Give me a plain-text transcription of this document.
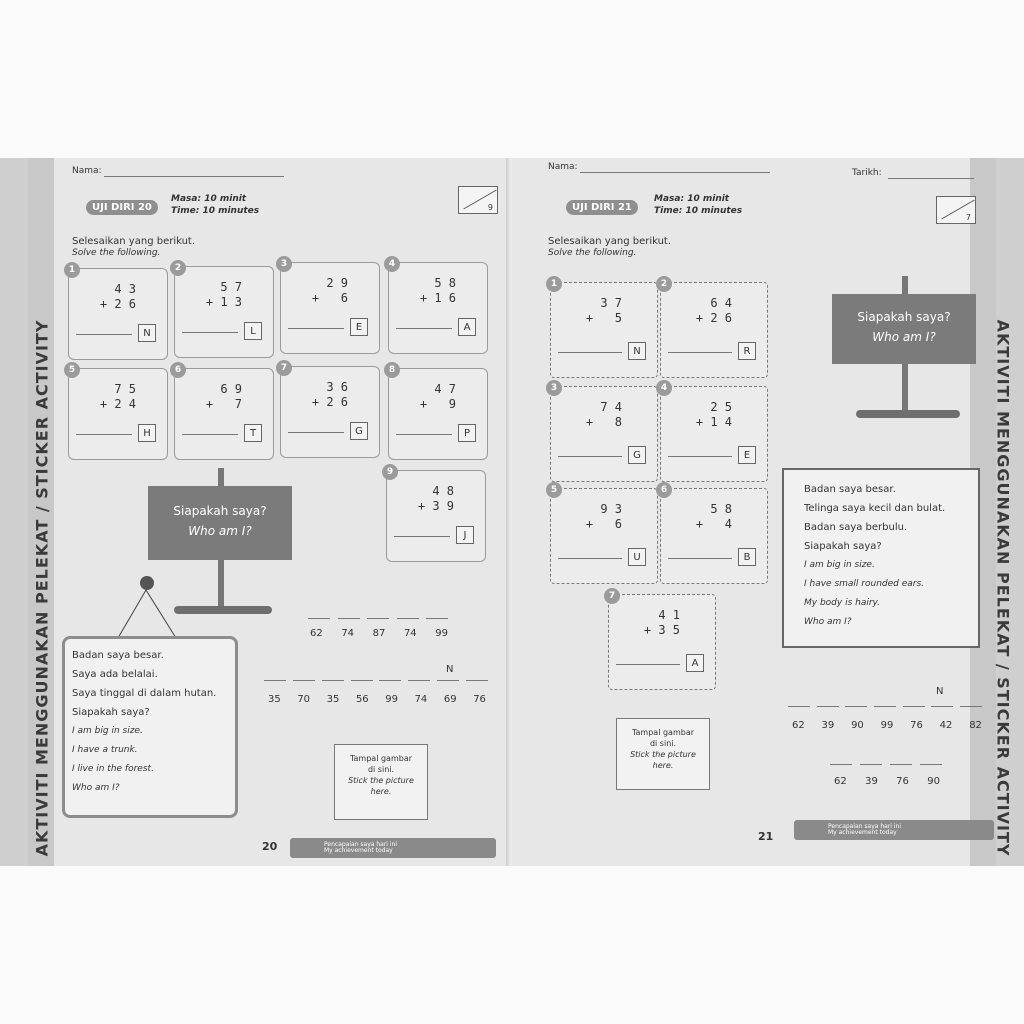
AKTIVITI MENGGUNAKAN PELEKAT / STICKER ACTIVITY
Nama:
UJI DIRI 20
Masa: 10 minit
Time: 10 minutes	9
Selesaikan yang berikut.
Solve the following.
1
4 3
+ 2 6
N
2
5 7
+ 1 3
L
3
2 9
+   6
E
4
5 8
+ 1 6
A
5
7 5
+ 2 4
H
6
6 9
+   7
T
7
3 6
+ 2 6
G
8
4 7
+   9
P
9
4 8
+ 3 9
J
Siapakah saya?
Who am I?
Badan saya besar.
Saya ada belalai.
Saya tinggal di dalam hutan.
Siapakah saya?
I am big in size.
I have a trunk.
I live in the forest.
Who am I?
62 74 87 74 99
N
35 70 35 56 99 74 69 76
Tampal gambar
di sini.
Stick the picture
here.
20	Pencapaian saya hari ini
My achievement today	AKTIVITI MENGGUNAKAN PELEKAT / STICKER ACTIVITY
Nama:
Tarikh:
UJI DIRI 21
Masa: 10 minit
Time: 10 minutes
7
Selesaikan yang berikut.
Solve the following.
1
3 7
+   5
N
2
6 4
+ 2 6
R
3
7 4
+   8
G
4
2 5
+ 1 4
E
5
9 3
+   6
U
6
5 8
+   4
B
7
4 1
+ 3 5
A
Siapakah saya?
Who am I?
Badan saya besar.
Telinga saya kecil dan bulat.
Badan saya berbulu.
Siapakah saya?
I am big in size.
I have small rounded ears.
My body is hairy.
Who am I?
N
62 39 90 99 76 42 82
62 39 76 90
Tampal gambar
di sini.
Stick the picture
here.
21
Pencapaian saya hari ini
My achievement today
